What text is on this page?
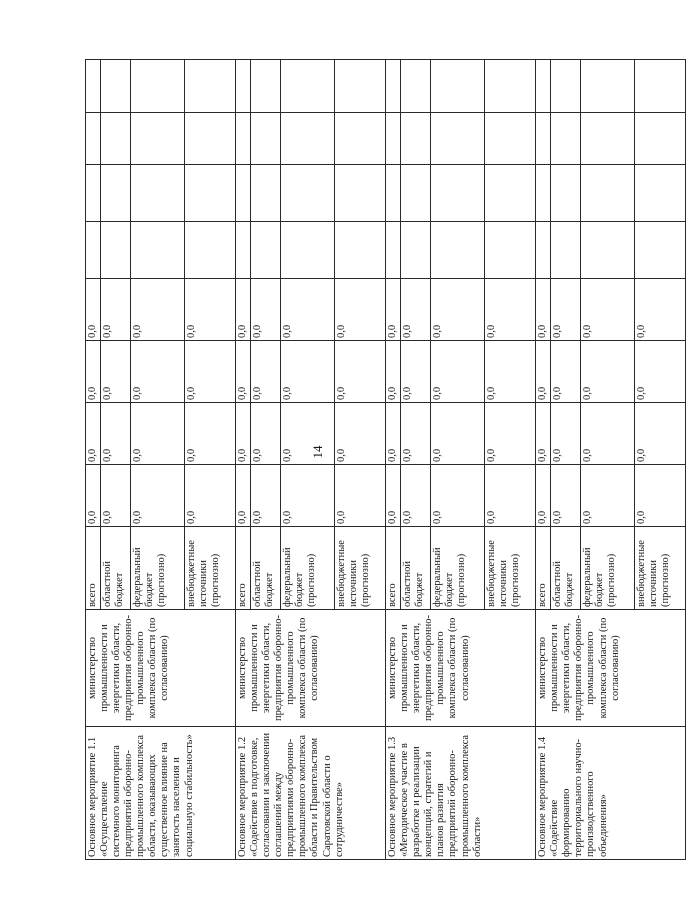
14
Основное мероприятие 1.1 «Осуществление системного мониторинга предприятий оборонно-промышленного комплекса области, оказывающих существенное влияние на занятость населения и социальную стабильность»	министерство промышленности и энергетики области, предприятия оборонно-промышленного комплекса области (по согласованию)	всего	0,0	0,0	0,0	0,0				
		областной бюджет	0,0	0,0	0,0	0,0				
		федеральный бюджет (прогнозно)	0,0	0,0	0,0	0,0				
		внебюджетные источники (прогнозно)	0,0	0,0	0,0	0,0				
Основное мероприятие 1.2 «Содействие в подготовке, согласовании и заключении соглашений между предприятиями оборонно-промышленного комплекса области и Правительством Саратовской области о сотрудничестве»	министерство промышленности и энергетики области, предприятия оборонно-промышленного комплекса области (по согласованию)	всего	0,0	0,0	0,0	0,0				
		областной бюджет	0,0	0,0	0,0	0,0				
		федеральный бюджет (прогнозно)	0,0	0,0	0,0	0,0				
		внебюджетные источники (прогнозно)	0,0	0,0	0,0	0,0				
Основное мероприятие 1.3 «Методическое участие в разработке и реализации концепций, стратегий и планов развития предприятий оборонно-промышленного комплекса области»	министерство промышленности и энергетики области, предприятия оборонно-промышленного комплекса области (по согласованию)	всего	0,0	0,0	0,0	0,0				
		областной бюджет	0,0	0,0	0,0	0,0				
		федеральный бюджет (прогнозно)	0,0	0,0	0,0	0,0				
		внебюджетные источники (прогнозно)	0,0	0,0	0,0	0,0				
Основное мероприятие 1.4 «Содействие формированию территориального научно-производственного объединения»	министерство промышленности и энергетики области, предприятия оборонно-промышленного комплекса области (по согласованию)	всего	0,0	0,0	0,0	0,0				
		областной бюджет	0,0	0,0	0,0	0,0				
		федеральный бюджет (прогнозно)	0,0	0,0	0,0	0,0				
		внебюджетные источники (прогнозно)	0,0	0,0	0,0	0,0				
